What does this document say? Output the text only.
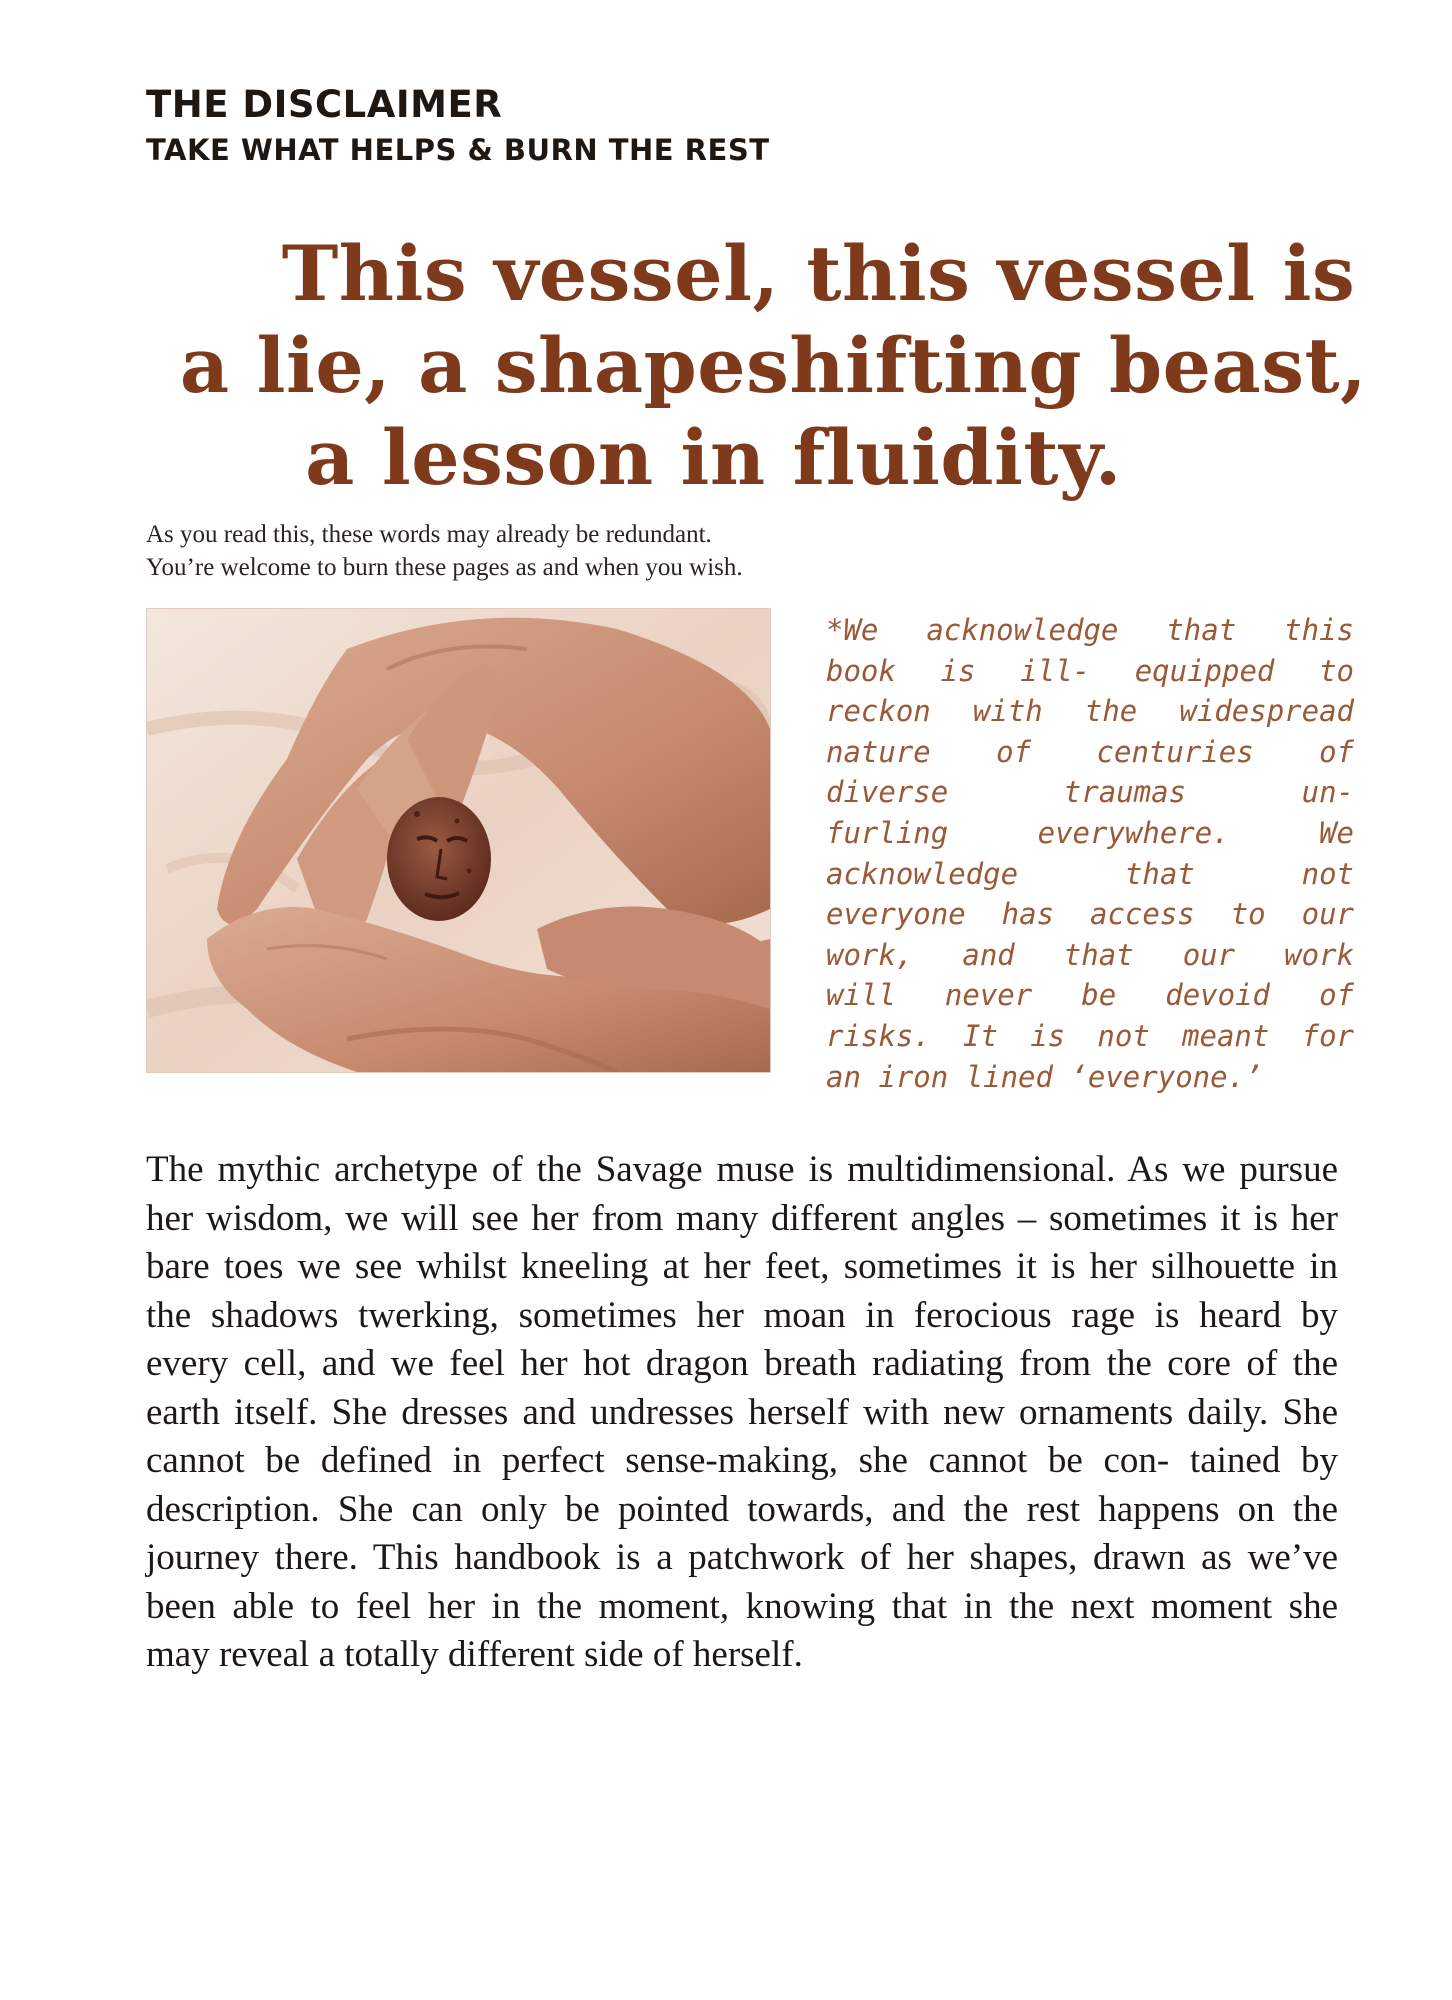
THE DISCLAIMER
TAKE WHAT HELPS & BURN THE REST
This vessel, this vessel is
a lie, a shapeshifting beast,
a lesson in fluidity.
As you read this, these words may already be redundant.
You’re welcome to burn these pages as and when you wish.
*We acknowledge that this
book is ill- equipped to
reckon with the widespread
nature of centuries of
diverse traumas un-
furling everywhere. We
acknowledge that not
everyone has access to our
work, and that our work
will never be devoid of
risks. It is not meant for
an iron lined ‘everyone.’
The mythic archetype of the Savage muse is multidimensional. As we pursue
her wisdom, we will see her from many different angles – sometimes it is her
bare toes we see whilst kneeling at her feet, sometimes it is her silhouette in
the shadows twerking, sometimes her moan in ferocious rage is heard by
every cell, and we feel her hot dragon breath radiating from the core of the
earth itself. She dresses and undresses herself with new ornaments daily. She
cannot be defined in perfect sense-making, she cannot be con- tained by
description. She can only be pointed towards, and the rest happens on the
journey there. This handbook is a patchwork of her shapes, drawn as we’ve
been able to feel her in the moment, knowing that in the next moment she
may reveal a totally different side of herself.
